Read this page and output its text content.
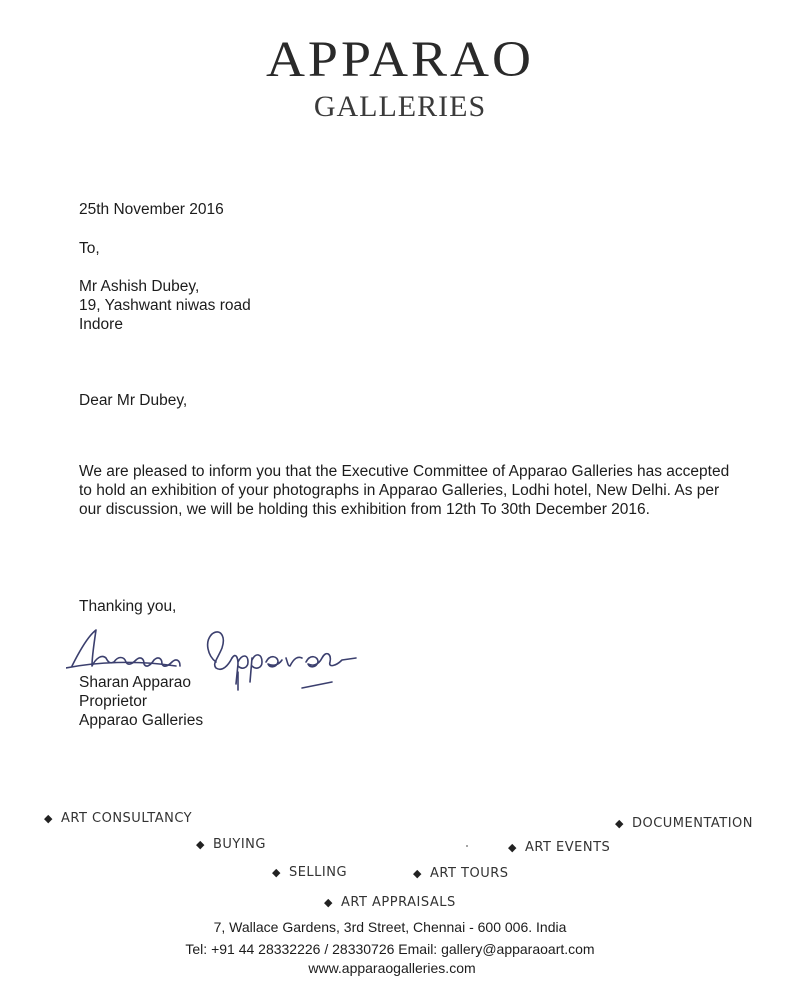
APPARAO
GALLERIES
25th November 2016
To,
Mr Ashish Dubey,
19, Yashwant niwas road
Indore
Dear Mr Dubey,
We are pleased to inform you that the Executive Committee of Apparao Galleries has accepted to hold an exhibition of your photographs in Apparao Galleries, Lodhi hotel, New Delhi. As per our discussion, we will be holding this exhibition from 12th To 30th December 2016.
Thanking you,
Sharan Apparao
Proprietor
Apparao Galleries
◆ ART CONSULTANCY	◆ DOCUMENTATION
◆ BUYING	◆ ART EVENTS
◆ SELLING	◆ ART TOURS
◆ ART APPRAISALS
7, Wallace Gardens, 3rd Street, Chennai - 600 006. India
Tel: +91 44 28332226 / 28330726 Email: gallery@apparaoart.com
www.apparaogalleries.com
